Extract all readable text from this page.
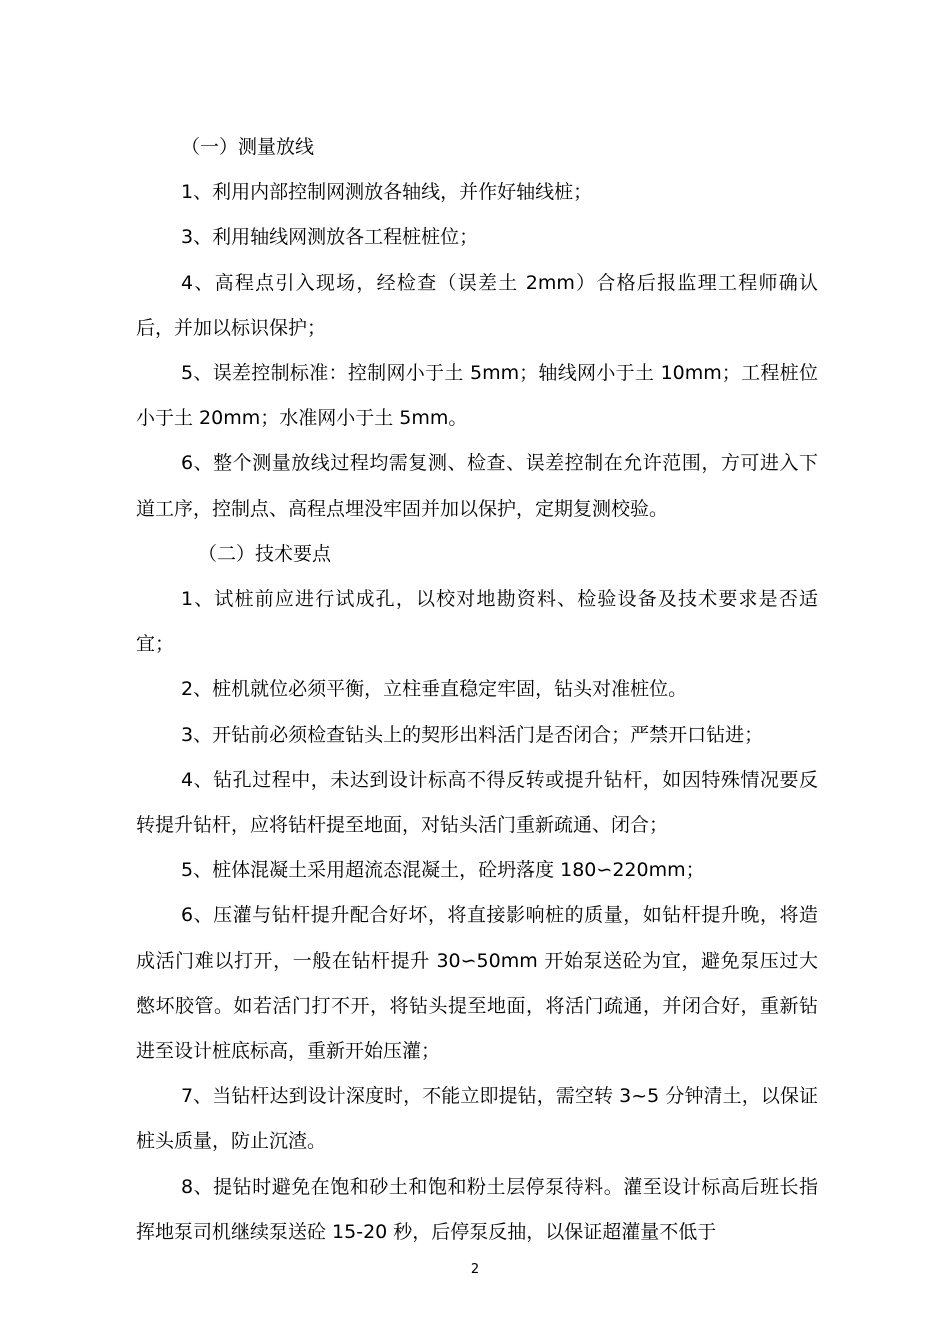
（一）测量放线

1、利用内部控制网测放各轴线，并作好轴线桩；

3、利用轴线网测放各工程桩桩位；

4、高程点引入现场，经检查（误差土 2mm）合格后报监理工程师确认后，并加以标识保护；

5、误差控制标准：控制网小于土 5mm；轴线网小于土 10mm；工程桩位小于土 20mm；水准网小于土 5mm。

6、整个测量放线过程均需复测、检查、误差控制在允许范围，方可进入下道工序，控制点、高程点埋没牢固并加以保护，定期复测校验。

（二）技术要点

1、试桩前应进行试成孔，以校对地勘资料、检验设备及技术要求是否适宜；

2、桩机就位必须平衡，立柱垂直稳定牢固，钻头对准桩位。

3、开钻前必须检查钻头上的契形出料活门是否闭合；严禁开口钻进；

4、钻孔过程中，未达到设计标高不得反转或提升钻杆，如因特殊情况要反转提升钻杆，应将钻杆提至地面，对钻头活门重新疏通、闭合；

5、桩体混凝土采用超流态混凝土，砼坍落度 180∽220mm；

6、压灌与钻杆提升配合好坏，将直接影响桩的质量，如钻杆提升晚，将造成活门难以打开，一般在钻杆提升 30∽50mm 开始泵送砼为宜，避免泵压过大憋坏胶管。如若活门打不开，将钻头提至地面，将活门疏通，并闭合好，重新钻进至设计桩底标高，重新开始压灌；

7、当钻杆达到设计深度时，不能立即提钻，需空转 3~5 分钟清土，以保证桩头质量，防止沉渣。

8、提钻时避免在饱和砂土和饱和粉土层停泵待料。灌至设计标高后班长指挥地泵司机继续泵送砼 15-20 秒，后停泵反抽，以保证超灌量不低于

2
